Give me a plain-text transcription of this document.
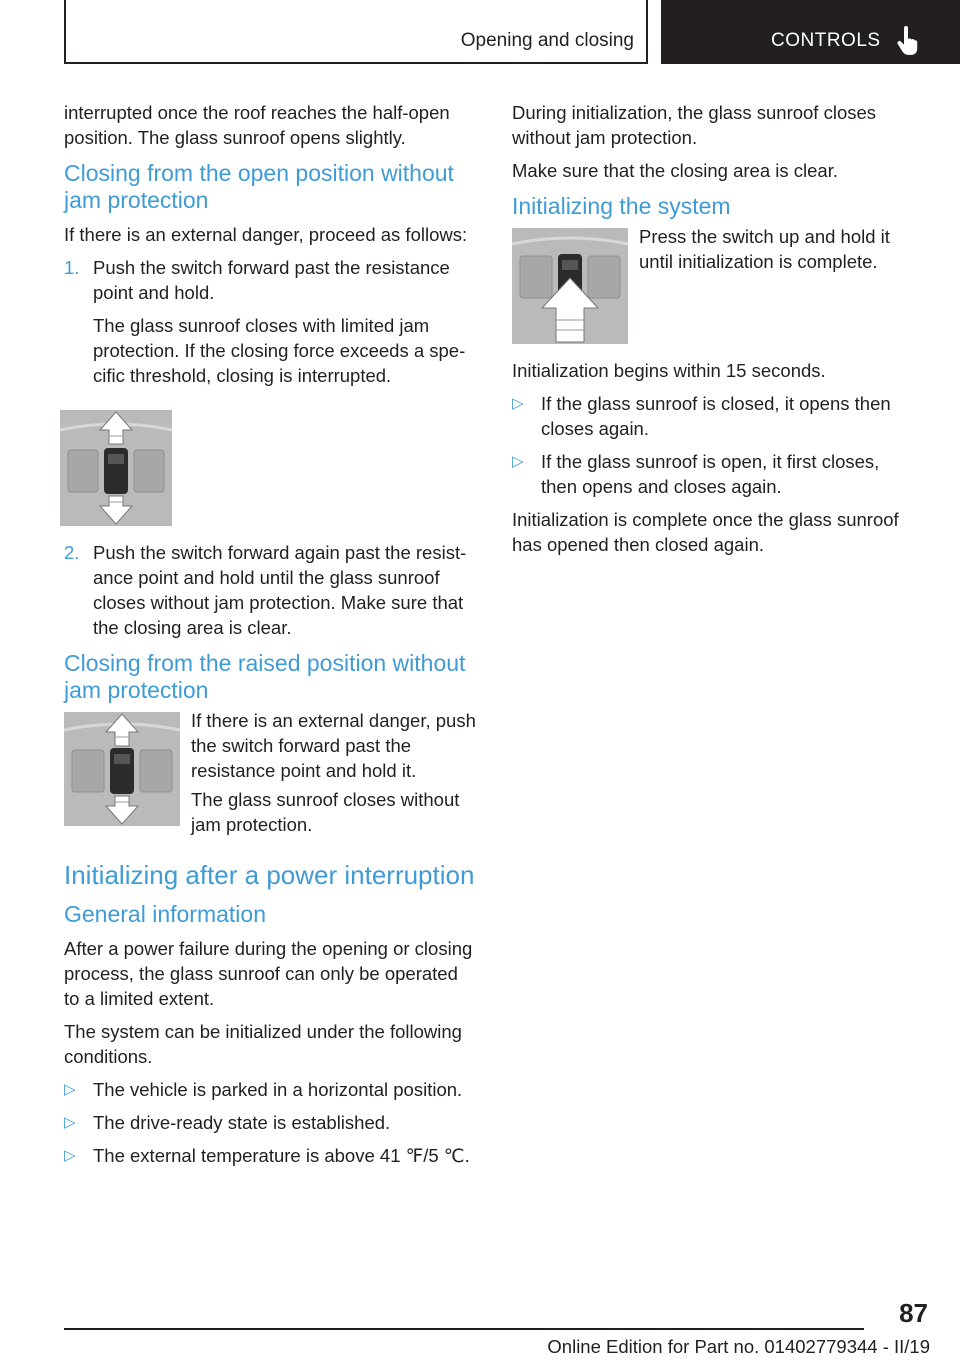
Opening and closing	CONTROLS

interrupted once the roof reaches the half-open position. The glass sunroof opens slightly.

Closing from the open position without jam protection

If there is an external danger, proceed as follows:

1. Push the switch forward past the resistance point and hold.

The glass sunroof closes with limited jam protection. If the closing force exceeds a specific threshold, closing is interrupted.

2. Push the switch forward again past the resistance point and hold until the glass sunroof closes without jam protection. Make sure that the closing area is clear.

Closing from the raised position without jam protection

If there is an external danger, push the switch forward past the resistance point and hold it.

The glass sunroof closes without jam protection.

Initializing after a power interruption
General information

After a power failure during the opening or closing process, the glass sunroof can only be operated to a limited extent.

The system can be initialized under the following conditions.

▷ The vehicle is parked in a horizontal position.
▷ The drive-ready state is established.
▷ The external temperature is above 41 ℉/5 ℃.

During initialization, the glass sunroof closes without jam protection.

Make sure that the closing area is clear.

Initializing the system

Press the switch up and hold it until initialization is complete.

Initialization begins within 15 seconds.

▷ If the glass sunroof is closed, it opens then closes again.
▷ If the glass sunroof is open, it first closes, then opens and closes again.

Initialization is complete once the glass sunroof has opened then closed again.

87
Online Edition for Part no. 01402779344 - II/19
